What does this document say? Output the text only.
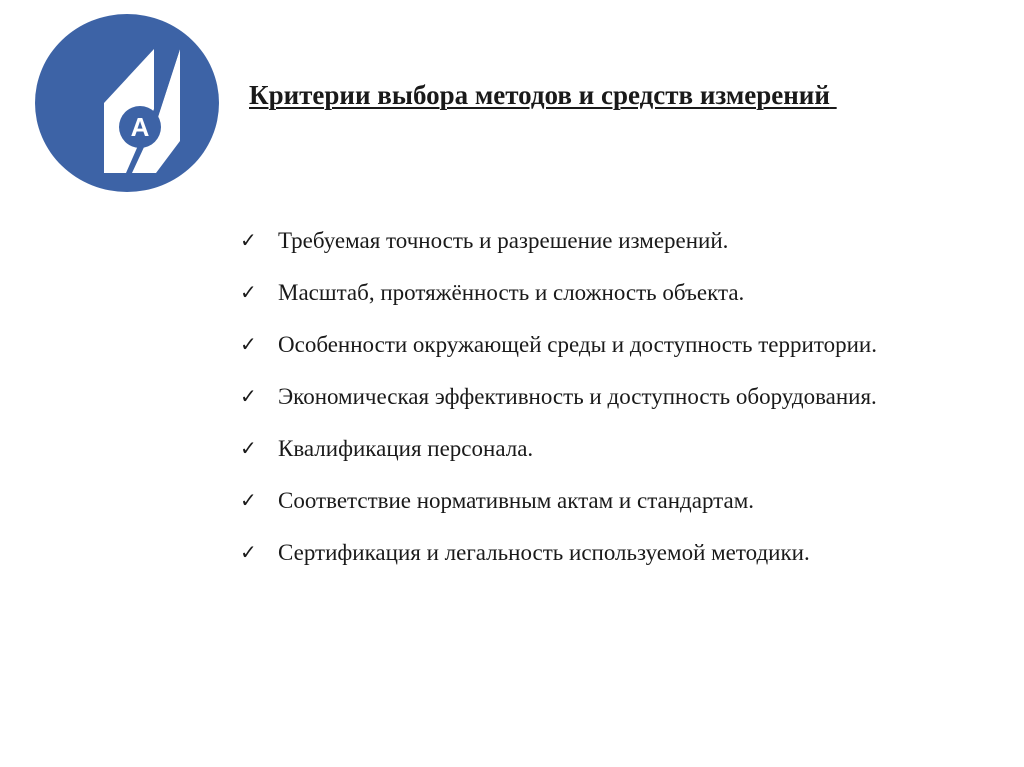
А
Критерии выбора методов и средств измерений
✓ Требуемая точность и разрешение измерений.
✓ Масштаб, протяжённость и сложность объекта.
✓ Особенности окружающей среды и доступность территории.
✓ Экономическая эффективность и доступность оборудования.
✓ Квалификация персонала.
✓ Соответствие нормативным актам и стандартам.
✓ Сертификация и легальность используемой методики.
